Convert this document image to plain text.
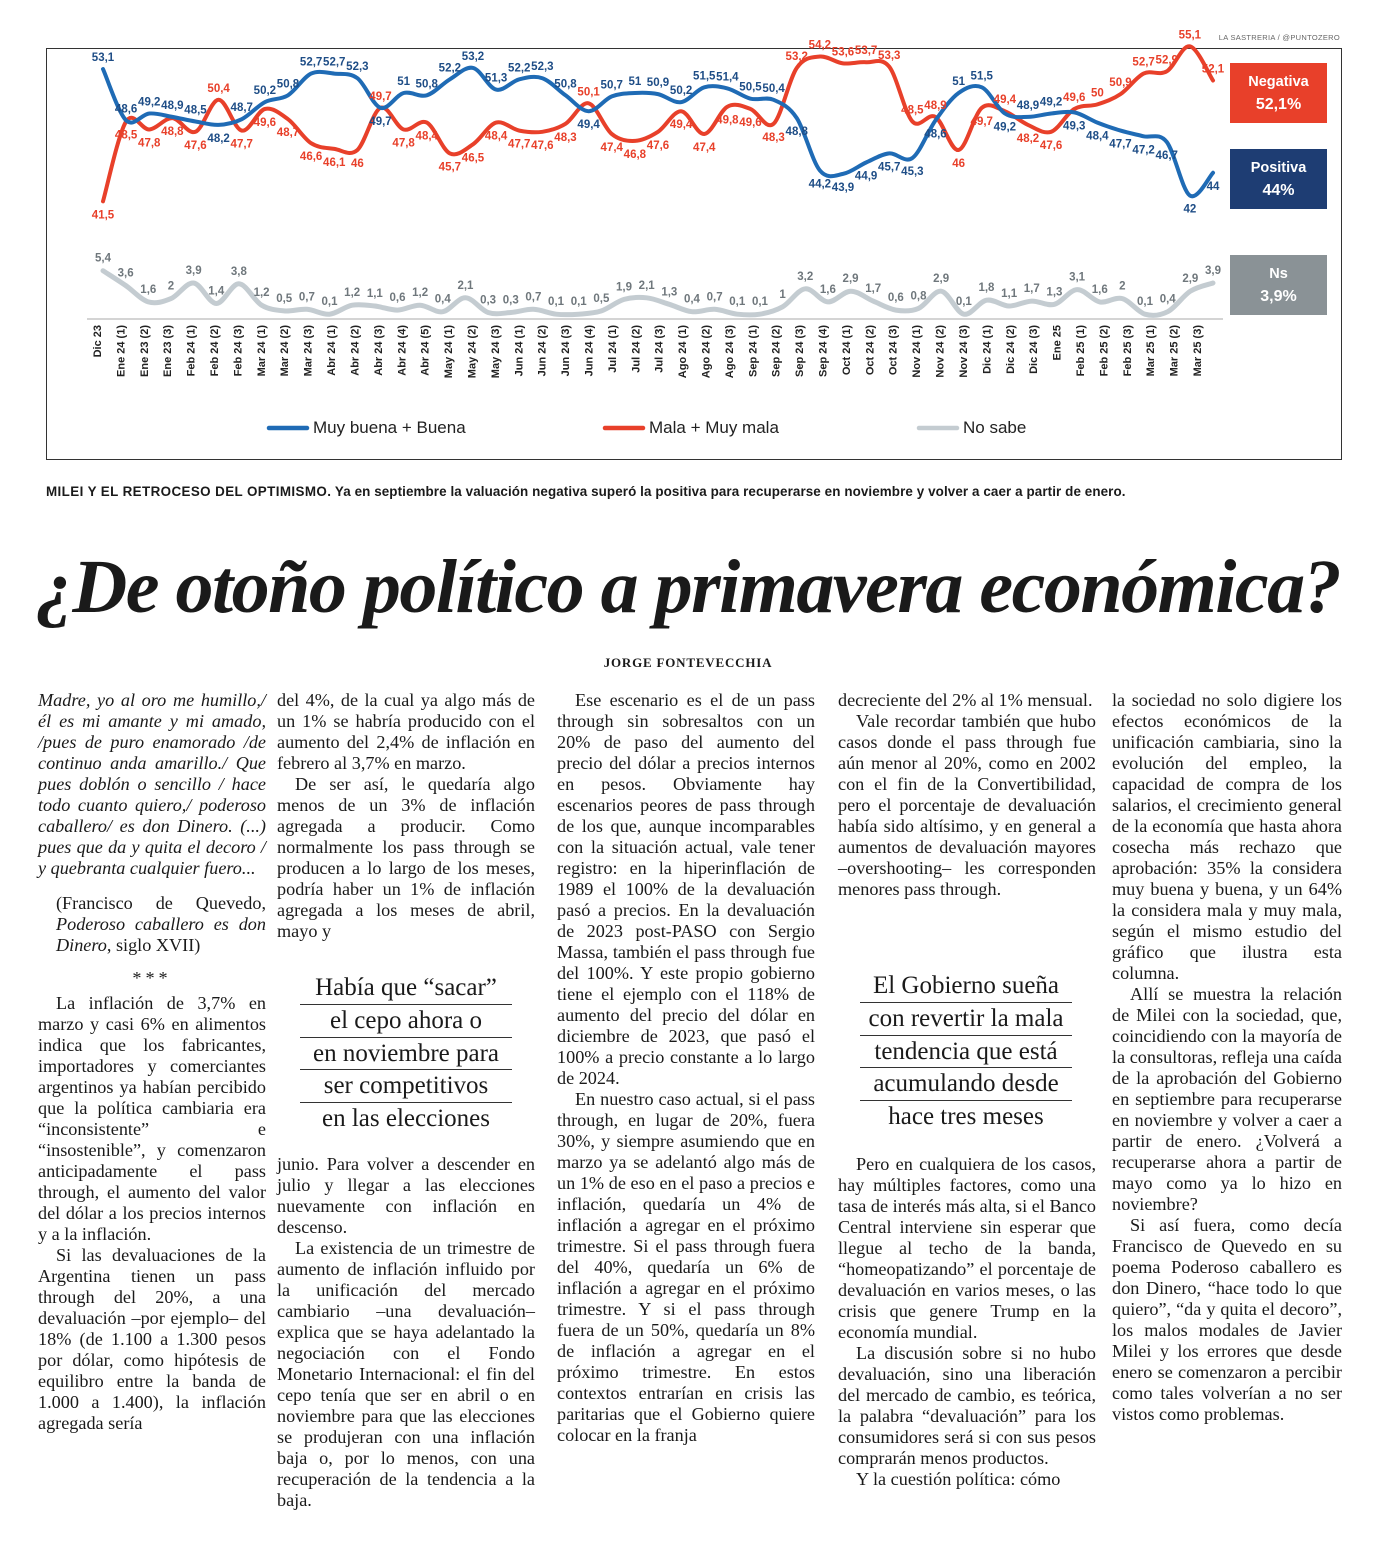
LA SASTRERIA / @PUNTOZERO
5,4
3,6
1,6 2
3,9
1,4
3,8
1,2 0,5 0,7 0,1
1,2 1,1 0,6 1,2
0,4
2,1
0,3 0,3 0,7 0,1 0,1 0,5
1,9 2,1
1,3
0,4 0,7 0,1 0,1
1
3,2
1,6
2,9
1,7
0,6 0,8
2,9
0,1
1,8 1,1 1,7 1,3
3,1
1,6 2
0,1 0,4
2,9
3,9
41,5
48,5
47,8
48,8
47,6
50,4
47,7
49,6
48,7
46,6 46,1 46
49,7
47,8
48,4
45,7
46,5
48,4
47,7 47,6
48,3
50,1
47,4
46,8
47,6
49,4
47,4
49,8 49,6
48,3
53,2
54,2
53,6 53,7 53,3
48,5 48,9
46
49,7
49,4
48,2
47,6
49,6 50
50,9
52,7 52,9
55,1
52,1
53,1
48,6
49,2 48,9 48,5
48,2
48,7
50,2
50,8
52,7 52,7 52,3
49,7
51 50,8
52,2
53,2
51,3
52,2 52,3
50,8
49,4
50,7 51 50,9
50,2
51,5 51,4
50,5 50,4
48,8
44,2 43,9
44,9
45,7 45,3
48,6
51 51,5
49,2
48,9 49,2
49,3
48,4
47,7 47,2 46,7
42
44
Dic 23 Ene 24 (1) Ene 23 (2) Ene 23 (3) Feb 24 (1) Feb 24 (2) Feb 24 (3) Mar 24 (1) Mar 24 (2) Mar 24 (3) Abr 24 (1) Abr 24 (2) Abr 24 (3) Abr 24 (4) Abr 24 (5) May 24 (1) May 24 (2) May 24 (3) Jun 24 (1) Jun 24 (2) Jun 24 (3) Jun 24 (4) Jul 24 (1) Jul 24 (2) Jul 24 (3) Ago 24 (1) Ago 24 (2) Ago 24 (3) Sep 24 (1) Sep 24 (2) Sep 24 (3) Sep 24 (4) Oct 24 (1) Oct 24 (2) Oct 24 (3) Nov 24 (1) Nov 24 (2) Nov 24 (3) Dic 24 (1) Dic 24 (2) Dic 24 (3) Ene 25 Feb 25 (1) Feb 25 (2) Feb 25 (3) Mar 25 (1) Mar 25 (2) Mar 25 (3)
Muy buena + Buena	Mala + Muy mala	No sabe
Negativa
52,1%
Positiva
44%
Ns
3,9%
MILEI Y EL RETROCESO DEL OPTIMISMO. Ya en septiembre la valuación negativa superó la positiva para recuperarse en noviembre y volver a caer a partir de enero.
¿De otoño político a primavera económica?
JORGE FONTEVECCHIA

Madre, yo al oro me humillo,/ él es mi amante y mi amado, /pues de puro enamorado /de continuo anda amarillo./ Que pues doblón o sencillo / hace todo cuanto quiero,/ poderoso caballero/ es don Dinero. (...) pues que da y quita el decoro / y quebranta cualquier fuero...

(Francisco de Quevedo, Poderoso caballero es don Dinero, siglo XVII)

***

La inflación de 3,7% en marzo y casi 6% en alimentos indica que los fabricantes, importadores y comerciantes argentinos ya habían percibido que la política cambiaria era “inconsistente” e “insostenible”, y comenzaron anticipadamente el pass through, el aumento del valor del dólar a los precios internos y a la inflación.

Si las devaluaciones de la Argentina tienen un pass through del 20%, a una devaluación –por ejemplo– del 18% (de 1.100 a 1.300 pesos por dólar, como hipótesis de equilibro entre la banda de 1.000 a 1.400), la inflación agregada sería

del 4%, de la cual ya algo más de un 1% se habría producido con el aumento del 2,4% de inflación en febrero al 3,7% en marzo.

De ser así, le quedaría algo menos de un 3% de inflación agregada a producir. Como normalmente los pass through se producen a lo largo de los meses, podría haber un 1% de inflación agregada a los meses de abril, mayo y

Había que “sacar”
el cepo ahora o
en noviembre para
ser competitivos
en las elecciones

junio. Para volver a descender en julio y llegar a las elecciones nuevamente con inflación en descenso.

La existencia de un trimestre de aumento de inflación influido por la unificación del mercado cambiario –una devaluación– explica que se haya adelantado la negociación con el Fondo Monetario Internacional: el fin del cepo tenía que ser en abril o en noviembre para que las elecciones se produjeran con una inflación baja o, por lo menos, con una recuperación de la tendencia a la baja.

Ese escenario es el de un pass through sin sobresaltos con un 20% de paso del aumento del precio del dólar a precios internos en pesos. Obviamente hay escenarios peores de pass through de los que, aunque incomparables con la situación actual, vale tener registro: en la hiperinflación de 1989 el 100% de la devaluación pasó a precios. En la devaluación de 2023 post-PASO con Sergio Massa, también el pass through fue del 100%. Y este propio gobierno tiene el ejemplo con el 118% de aumento del precio del dólar en diciembre de 2023, que pasó el 100% a precio constante a lo largo de 2024.

En nuestro caso actual, si el pass through, en lugar de 20%, fuera 30%, y siempre asumiendo que en marzo ya se adelantó algo más de un 1% de eso en el paso a precios e inflación, quedaría un 4% de inflación a agregar en el próximo trimestre. Si el pass through fuera del 40%, quedaría un 6% de inflación a agregar en el próximo trimestre. Y si el pass through fuera de un 50%, quedaría un 8% de inflación a agregar en el próximo trimestre. En estos contextos entrarían en crisis las paritarias que el Gobierno quiere colocar en la franja

decreciente del 2% al 1% mensual.

Vale recordar también que hubo casos donde el pass through fue aún menor al 20%, como en 2002 con el fin de la Convertibilidad, pero el porcentaje de devaluación había sido altísimo, y en general a aumentos de devaluación mayores –overshooting– les corresponden menores pass through.

El Gobierno sueña
con revertir la mala
tendencia que está
acumulando desde
hace tres meses

Pero en cualquiera de los casos, hay múltiples factores, como una tasa de interés más alta, si el Banco Central interviene sin esperar que llegue al techo de la banda, “homeopatizando” el porcentaje de devaluación en varios meses, o las crisis que genere Trump en la economía mundial.

La discusión sobre si no hubo devaluación, sino una liberación del mercado de cambio, es teórica, la palabra “devaluación” para los consumidores será si con sus pesos comprarán menos productos.

Y la cuestión política: cómo

la sociedad no solo digiere los efectos económicos de la unificación cambiaria, sino la evolución del empleo, la capacidad de compra de los salarios, el crecimiento general de la economía que hasta ahora cosecha más rechazo que aprobación: 35% la considera muy buena y buena, y un 64% la considera mala y muy mala, según el mismo estudio del gráfico que ilustra esta columna.

Allí se muestra la relación de Milei con la sociedad, que, coincidiendo con la mayoría de la consultoras, refleja una caída de la aprobación del Gobierno en septiembre para recuperarse en noviembre y volver a caer a partir de enero. ¿Volverá a recuperarse ahora a partir de mayo como ya lo hizo en noviembre?

Si así fuera, como decía Francisco de Quevedo en su poema Poderoso caballero es don Dinero, “hace todo lo que quiero”, “da y quita el decoro”, los malos modales de Javier Milei y los errores que desde enero se comenzaron a percibir como tales volverían a no ser vistos como problemas.
